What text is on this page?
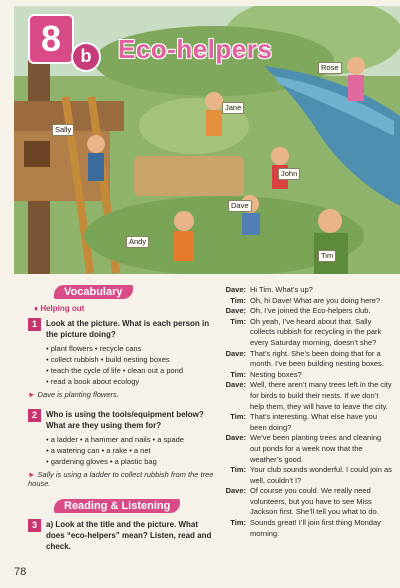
8	b Eco-helpers
Rose
Jane
Sally
John
Dave
Andy
Tim
Vocabulary
♦ Helping out
1	Look at the picture. What is each person in the picture doing?
• plant flowers • recycle cans
• collect rubbish • build nesting boxes
• teach the cycle of life • clean out a pond
• read a book about ecology
► Dave is planting flowers.
2	Who is using the tools/equipment below? What are they using them for?
• a ladder • a hammer and nails • a spade
• a watering can • a rake • a net
• gardening gloves • a plastic bag
► Sally is using a ladder to collect rubbish from the tree house.
Reading & Listening
3	a) Look at the title and the picture. What does “eco-helpers” mean? Listen, read and check.
Dave: Hi Tim. What’s up?
Tim: Oh, hi Dave! What are you doing here?
Dave: Oh, I’ve joined the Eco-helpers club.
Tim: Oh yeah, I’ve heard about that. Sally collects rubbish for recycling in the park every Saturday morning, doesn’t she?
Dave: That’s right. She’s been doing that for a month. I’ve been building nesting boxes.
Tim: Nesting boxes?
Dave: Well, there aren’t many trees left in the city for birds to build their nests. If we don’t help them, they will have to leave the city.
Tim: That’s interesting. What else have you been doing?
Dave: We’ve been planting trees and cleaning out ponds for a week now that the weather’s good.
Tim: Your club sounds wonderful. I could join as well, couldn’t I?
Dave: Of course you could. We really need volunteers, but you have to see Miss Jackson first. She’ll tell you what to do.
Tim: Sounds great! I’ll join first thing Monday morning.
78
